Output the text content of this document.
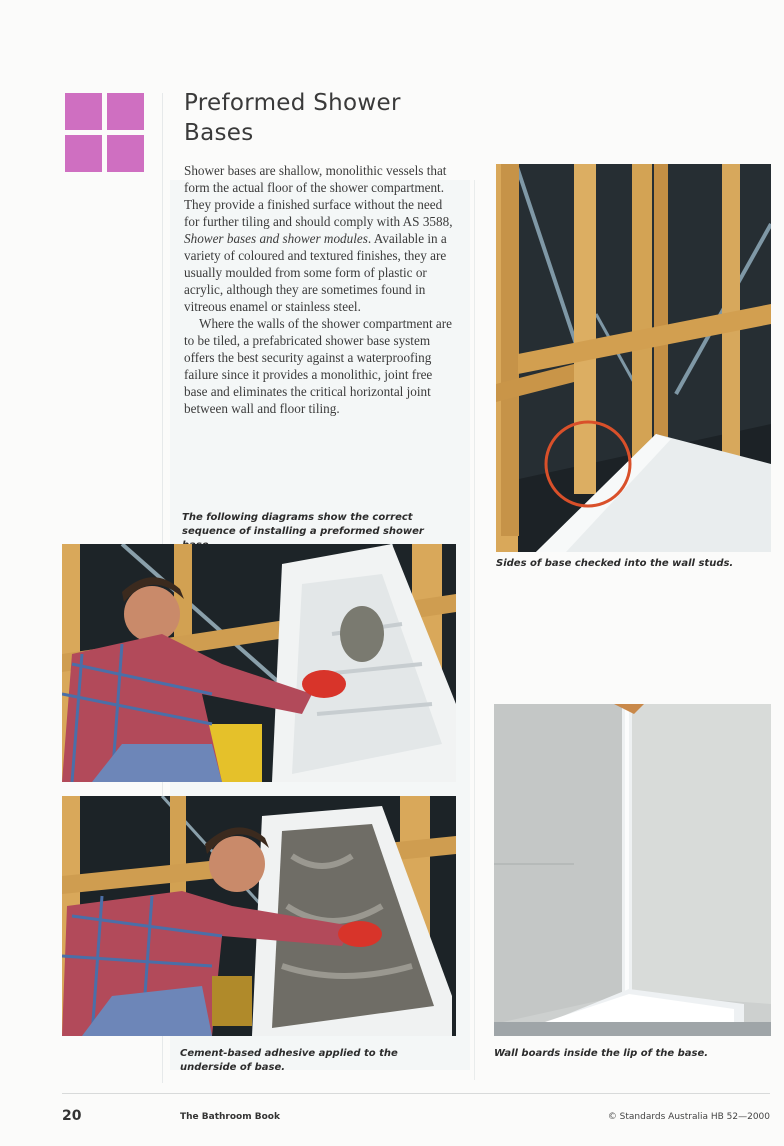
Preformed Shower
Bases

Shower bases are shallow, monolithic vessels that form the actual floor of the shower compartment. They provide a finished surface without the need for further tiling and should comply with AS 3588, Shower bases and shower modules. Available in a variety of coloured and textured finishes, they are usually moulded from some form of plastic or acrylic, although they are sometimes found in vitreous enamel or stainless steel.

Where the walls of the shower compartment are to be tiled, a prefabricated shower base system offers the best security against a waterproofing failure since it provides a monolithic, joint free base and eliminates the critical horizontal joint between wall and floor tiling.

The following diagrams show the correct sequence of installing a preformed shower
Sides of base checked into the wall studs.
Cement-based adhesive applied to the underside of base.
Wall boards inside the lip of the base.
20	The Bathroom Book	© Standards Australia HB 52—2000
